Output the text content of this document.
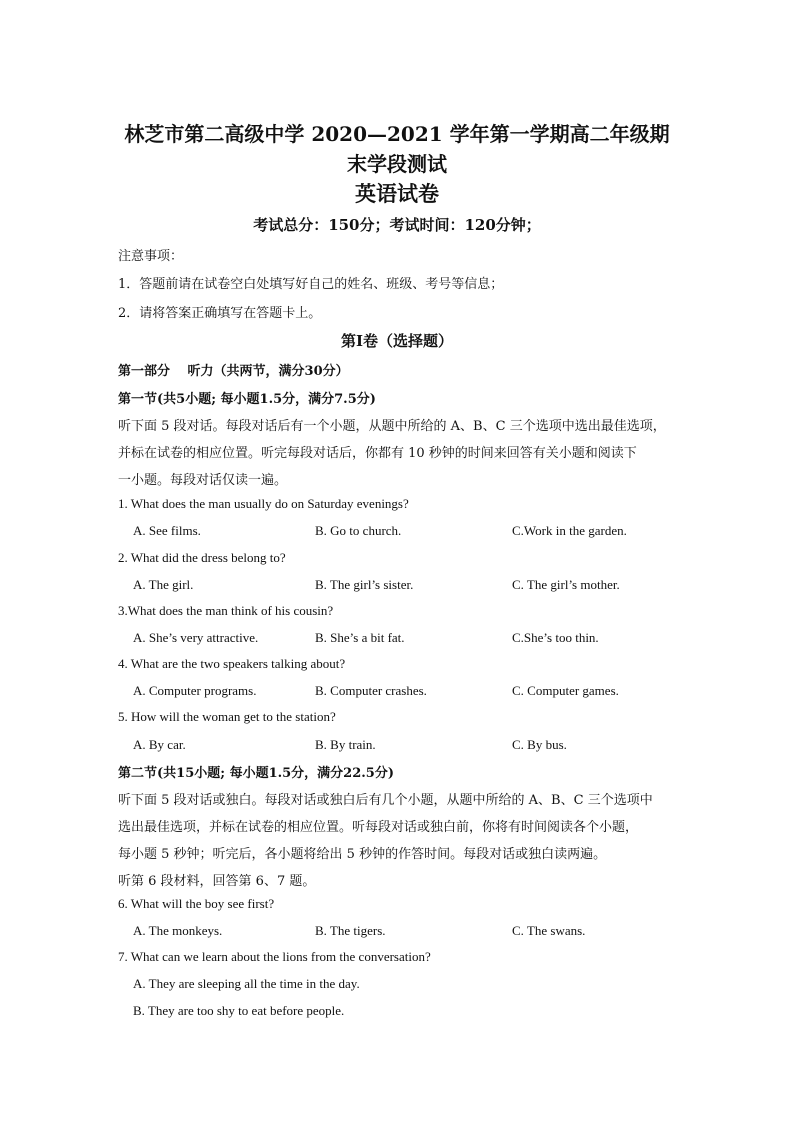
林芝市第二高级中学 2020—2021 学年第一学期高二年级期
末学段测试
英语试卷
考试总分：150分；考试时间：120分钟；
注意事项：
1．答题前请在试卷空白处填写好自己的姓名、班级、考号等信息；
2．请将答案正确填写在答题卡上。
第I卷（选择题）
第一部分　 听力（共两节，满分30分）
第一节(共5小题; 每小题1.5分，满分7.5分)
听下面 5 段对话。每段对话后有一个小题，从题中所给的 A、B、C 三个选项中选出最佳选项，
并标在试卷的相应位置。听完每段对话后，你都有 10 秒钟的时间来回答有关小题和阅读下
一小题。每段对话仅读一遍。
1. What does the man usually do on Saturday evenings?
A. See films.	B. Go to church.	C.Work in the garden.
2. What did the dress belong to?
A. The girl.	B. The girl’s sister.	C. The girl’s mother.
3.What does the man think of his cousin?
A. She’s very attractive.	B. She’s a bit fat.	C.She’s too thin.
4. What are the two speakers talking about?
A. Computer programs.	B. Computer crashes.	C. Computer games.
5. How will the woman get to the station?
A. By car.	B. By train.	C. By bus.
第二节(共15小题; 每小题1.5分，满分22.5分)
听下面 5 段对话或独白。每段对话或独白后有几个小题，从题中所给的 A、B、C 三个选项中
选出最佳选项，并标在试卷的相应位置。听每段对话或独白前，你将有时间阅读各个小题，
每小题 5 秒钟；听完后，各小题将给出 5 秒钟的作答时间。每段对话或独白读两遍。
听第 6 段材料，回答第 6、7 题。
6. What will the boy see first?
A. The monkeys.	B. The tigers.	C. The swans.
7. What can we learn about the lions from the conversation?
A. They are sleeping all the time in the day.
B. They are too shy to eat before people.
